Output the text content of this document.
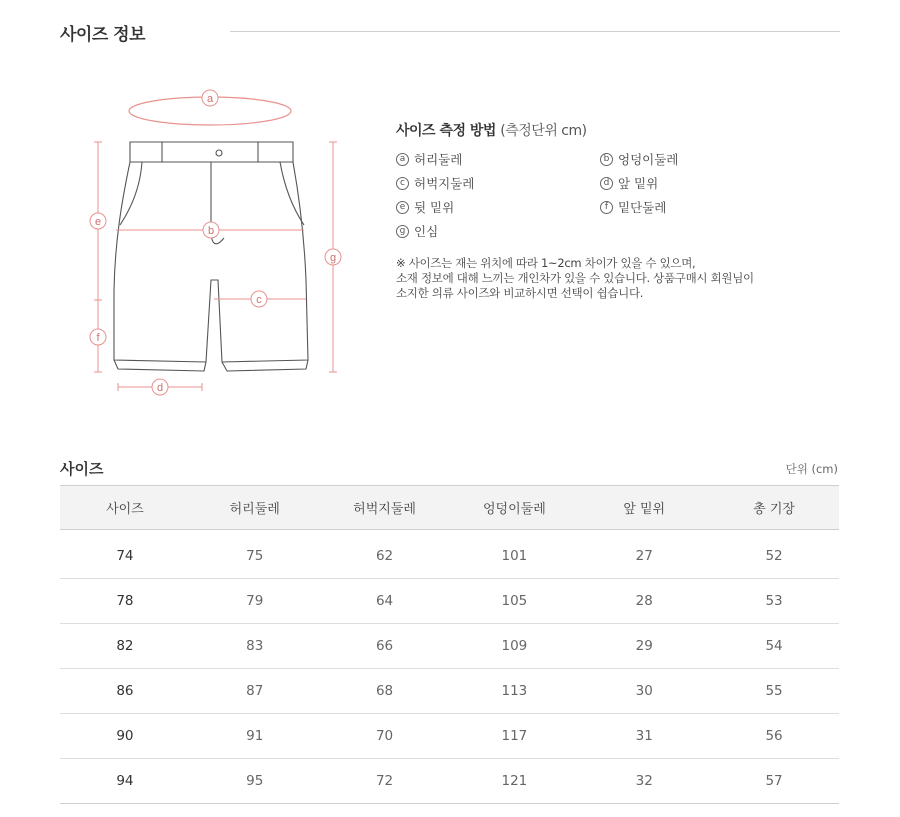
사이즈 정보
a
b
c
d
e
f
g
사이즈 측정 방법 (측정단위 cm)
a 허리둘레	b 엉덩이둘레
c 허벅지둘레	d 앞 밑위
e 뒷 밑위	f 밑단둘레
g 인심
※ 사이즈는 재는 위치에 따라 1~2cm 차이가 있을 수 있으며,
소재 정보에 대해 느끼는 개인차가 있을 수 있습니다. 상품구매시 회원님이
소지한 의류 사이즈와 비교하시면 선택이 쉽습니다.
사이즈	단위 (cm)
사이즈	허리둘레	허벅지둘레	엉덩이둘레	앞 밑위	총 기장
74	75	62	101	27	52
78	79	64	105	28	53
82	83	66	109	29	54
86	87	68	113	30	55
90	91	70	117	31	56
94	95	72	121	32	57
